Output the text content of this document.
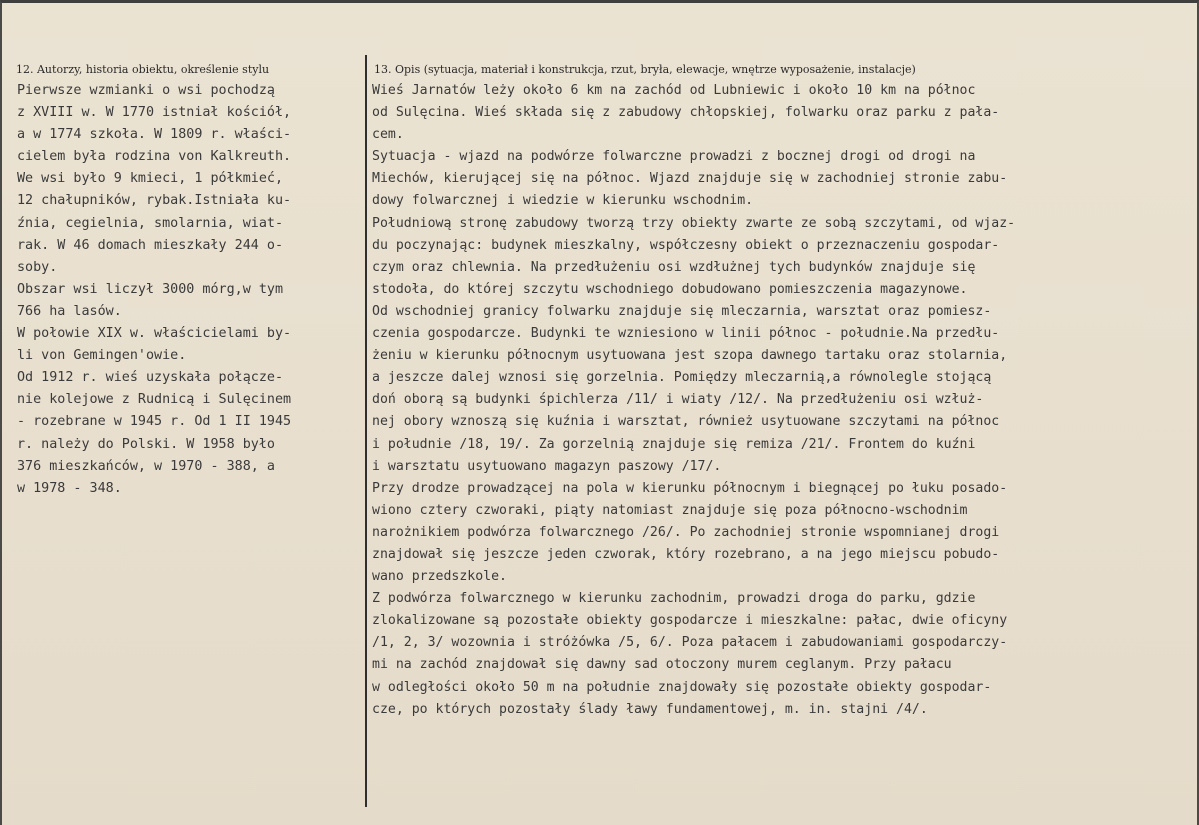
12. Autorzy, historia obiektu, określenie stylu	13. Opis (sytuacja, materiał i konstrukcja, rzut, bryła, elewacje, wnętrze wyposażenie, instalacje)
Pierwsze wzmianki o wsi pochodzą
z XVIII w. W 1770 istniał kościół,
a w 1774 szkoła. W 1809 r. właści-
cielem była rodzina von Kalkreuth.
We wsi było 9 kmieci, 1 półkmieć,
12 chałupników, rybak.Istniała ku-
źnia, cegielnia, smolarnia, wiat-
rak. W 46 domach mieszkały 244 o-
soby.
Obszar wsi liczył 3000 mórg,w tym
766 ha lasów.
W połowie XIX w. właścicielami by-
li von Gemingen'owie.
Od 1912 r. wieś uzyskała połącze-
nie kolejowe z Rudnicą i Sulęcinem
- rozebrane w 1945 r. Od 1 II 1945
r. należy do Polski. W 1958 było
376 mieszkańców, w 1970 - 388, a
w 1978 - 348.
Wieś Jarnatów leży około 6 km na zachód od Lubniewic i około 10 km na północ
od Sulęcina. Wieś składa się z zabudowy chłopskiej, folwarku oraz parku z pała-
cem.
Sytuacja - wjazd na podwórze folwarczne prowadzi z bocznej drogi od drogi na
Miechów, kierującej się na północ. Wjazd znajduje się w zachodniej stronie zabu-
dowy folwarcznej i wiedzie w kierunku wschodnim.
Południową stronę zabudowy tworzą trzy obiekty zwarte ze sobą szczytami, od wjaz-
du poczynając: budynek mieszkalny, współczesny obiekt o przeznaczeniu gospodar-
czym oraz chlewnia. Na przedłużeniu osi wzdłużnej tych budynków znajduje się
stodoła, do której szczytu wschodniego dobudowano pomieszczenia magazynowe.
Od wschodniej granicy folwarku znajduje się mleczarnia, warsztat oraz pomiesz-
czenia gospodarcze. Budynki te wzniesiono w linii północ - południe.Na przedłu-
żeniu w kierunku północnym usytuowana jest szopa dawnego tartaku oraz stolarnia,
a jeszcze dalej wznosi się gorzelnia. Pomiędzy mleczarnią,a równolegle stojącą
doń oborą są budynki śpichlerza /11/ i wiaty /12/. Na przedłużeniu osi wzłuż-
nej obory wznoszą się kuźnia i warsztat, również usytuowane szczytami na północ
i południe /18, 19/. Za gorzelnią znajduje się remiza /21/. Frontem do kuźni
i warsztatu usytuowano magazyn paszowy /17/.
Przy drodze prowadzącej na pola w kierunku północnym i biegnącej po łuku posado-
wiono cztery czworaki, piąty natomiast znajduje się poza północno-wschodnim
narożnikiem podwórza folwarcznego /26/. Po zachodniej stronie wspomnianej drogi
znajdował się jeszcze jeden czworak, który rozebrano, a na jego miejscu pobudo-
wano przedszkole.
Z podwórza folwarcznego w kierunku zachodnim, prowadzi droga do parku, gdzie
zlokalizowane są pozostałe obiekty gospodarcze i mieszkalne: pałac, dwie oficyny
/1, 2, 3/ wozownia i stróżówka /5, 6/. Poza pałacem i zabudowaniami gospodarczy-
mi na zachód znajdował się dawny sad otoczony murem ceglanym. Przy pałacu
w odległości około 50 m na południe znajdowały się pozostałe obiekty gospodar-
cze, po których pozostały ślady ławy fundamentowej, m. in. stajni /4/.
